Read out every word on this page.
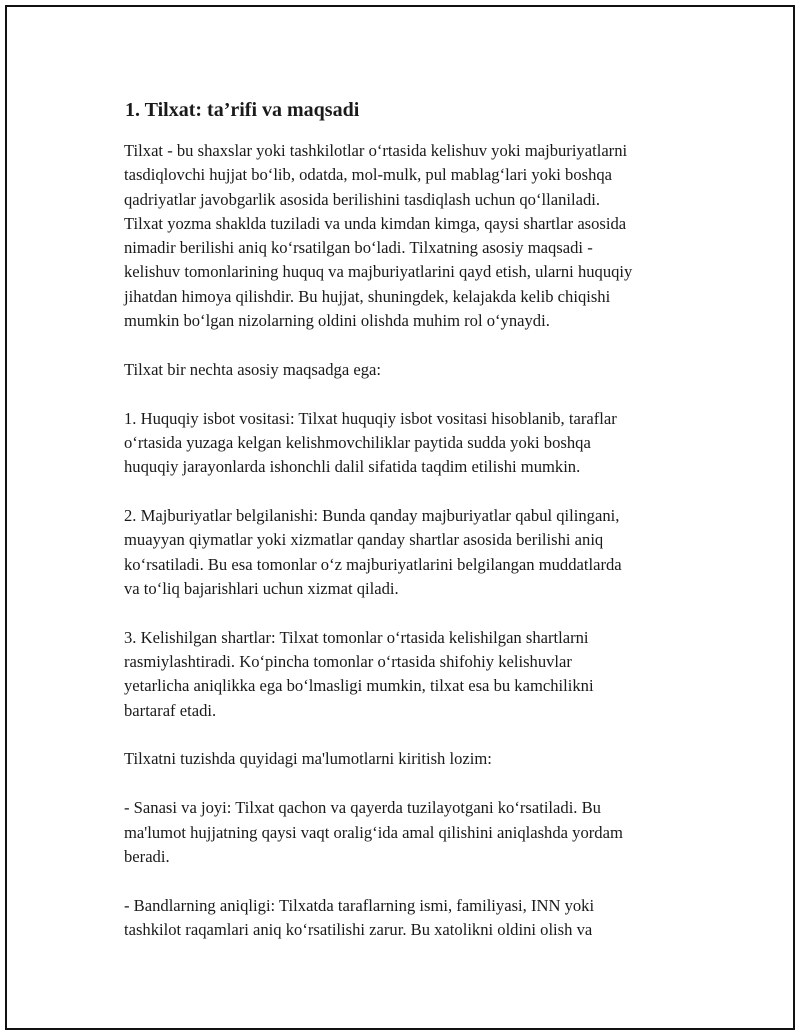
1. Tilxat: ta’rifi va maqsadi

Tilxat - bu shaxslar yoki tashkilotlar o‘rtasida kelishuv yoki majburiyatlarni
tasdiqlovchi hujjat bo‘lib, odatda, mol-mulk, pul mablag‘lari yoki boshqa
qadriyatlar javobgarlik asosida berilishini tasdiqlash uchun qo‘llaniladi.
Tilxat yozma shaklda tuziladi va unda kimdan kimga, qaysi shartlar asosida
nimadir berilishi aniq ko‘rsatilgan bo‘ladi. Tilxatning asosiy maqsadi -
kelishuv tomonlarining huquq va majburiyatlarini qayd etish, ularni huquqiy
jihatdan himoya qilishdir. Bu hujjat, shuningdek, kelajakda kelib chiqishi
mumkin bo‘lgan nizolarning oldini olishda muhim rol o‘ynaydi.

Tilxat bir nechta asosiy maqsadga ega:

1. Huquqiy isbot vositasi: Tilxat huquqiy isbot vositasi hisoblanib, taraflar
o‘rtasida yuzaga kelgan kelishmovchiliklar paytida sudda yoki boshqa
huquqiy jarayonlarda ishonchli dalil sifatida taqdim etilishi mumkin.

2. Majburiyatlar belgilanishi: Bunda qanday majburiyatlar qabul qilingani,
muayyan qiymatlar yoki xizmatlar qanday shartlar asosida berilishi aniq
ko‘rsatiladi. Bu esa tomonlar o‘z majburiyatlarini belgilangan muddatlarda
va to‘liq bajarishlari uchun xizmat qiladi.

3. Kelishilgan shartlar: Tilxat tomonlar o‘rtasida kelishilgan shartlarni
rasmiylashtiradi. Ko‘pincha tomonlar o‘rtasida shifohiy kelishuvlar
yetarlicha aniqlikka ega bo‘lmasligi mumkin, tilxat esa bu kamchilikni
bartaraf etadi.

Tilxatni tuzishda quyidagi ma'lumotlarni kiritish lozim:

- Sanasi va joyi: Tilxat qachon va qayerda tuzilayotgani ko‘rsatiladi. Bu
ma'lumot hujjatning qaysi vaqt oralig‘ida amal qilishini aniqlashda yordam
beradi.

- Bandlarning aniqligi: Tilxatda taraflarning ismi, familiyasi, INN yoki
tashkilot raqamlari aniq ko‘rsatilishi zarur. Bu xatolikni oldini olish va
